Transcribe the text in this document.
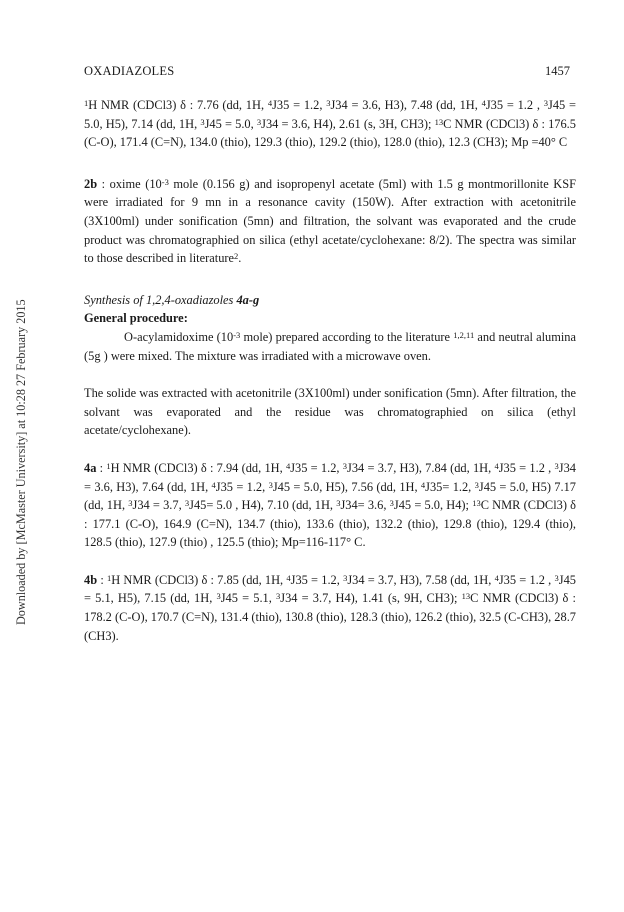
Downloaded by [McMaster University] at 10:28 27 February 2015
OXADIAZOLES	1457

$^1$H NMR (CDCl3) δ : 7.76 (dd, 1H, $^4$J35 = 1.2, $^3$J34 = 3.6, H3), 7.48 (dd, 1H, $^4$J35 = 1.2 , $^3$J45 = 5.0, H5), 7.14 (dd, 1H, $^3$J45 = 5.0, $^3$J34 = 3.6, H4), 2.61 (s, 3H, CH3); $^{13}$C NMR (CDCl3) δ : 176.5 (C-O), 171.4 (C=N), 134.0 (thio), 129.3 (thio), 129.2 (thio), 128.0 (thio), 12.3 (CH3); Mp =40° C

2b : oxime ($10^{-3}$ mole (0.156 g) and isopropenyl acetate (5ml) with 1.5 g montmorillonite KSF were irradiated for 9 mn in a resonance cavity (150W). After extraction with acetonitrile (3X100ml) under sonification (5mn) and filtration, the solvant was evaporated and the crude product was chromatographied on silica (ethyl acetate/cyclohexane: 8/2). The spectra was similar to those described in literature$^2$.

Synthesis of 1,2,4-oxadiazoles 4a-g

General procedure:

O-acylamidoxime ($10^{-3}$ mole) prepared according to the literature $^{1,2,11}$ and neutral alumina (5g ) were mixed. The mixture was irradiated with a microwave oven.

The solide was extracted with acetonitrile (3X100ml) under sonification (5mn). After filtration, the solvant was evaporated and the residue was chromatographied on silica (ethyl acetate/cyclohexane).

4a : $^1$H NMR (CDCl3) δ : 7.94 (dd, 1H, $^4$J35 = 1.2, $^3$J34 = 3.7, H3), 7.84 (dd, 1H, $^4$J35 = 1.2 , $^3$J34 = 3.6, H3), 7.64 (dd, 1H, $^4$J35 = 1.2, $^3$J45 = 5.0, H5), 7.56 (dd, 1H, $^4$J35= 1.2, $^3$J45 = 5.0, H5) 7.17 (dd, 1H, $^3$J34 = 3.7, $^3$J45= 5.0 , H4), 7.10 (dd, 1H, $^3$J34= 3.6, $^3$J45 = 5.0, H4); $^{13}$C NMR (CDCl3) δ : 177.1 (C-O), 164.9 (C=N), 134.7 (thio), 133.6 (thio), 132.2 (thio), 129.8 (thio), 129.4 (thio), 128.5 (thio), 127.9 (thio) , 125.5 (thio); Mp=116-117° C.

4b : $^1$H NMR (CDCl3) δ : 7.85 (dd, 1H, $^4$J35 = 1.2, $^3$J34 = 3.7, H3), 7.58 (dd, 1H, $^4$J35 = 1.2 , $^3$J45 = 5.1, H5), 7.15 (dd, 1H, $^3$J45 = 5.1, $^3$J34 = 3.7, H4), 1.41 (s, 9H, CH3); $^{13}$C NMR (CDCl3) δ : 178.2 (C-O), 170.7 (C=N), 131.4 (thio), 130.8 (thio), 128.3 (thio), 126.2 (thio), 32.5 (C-CH3), 28.7 (CH3).
